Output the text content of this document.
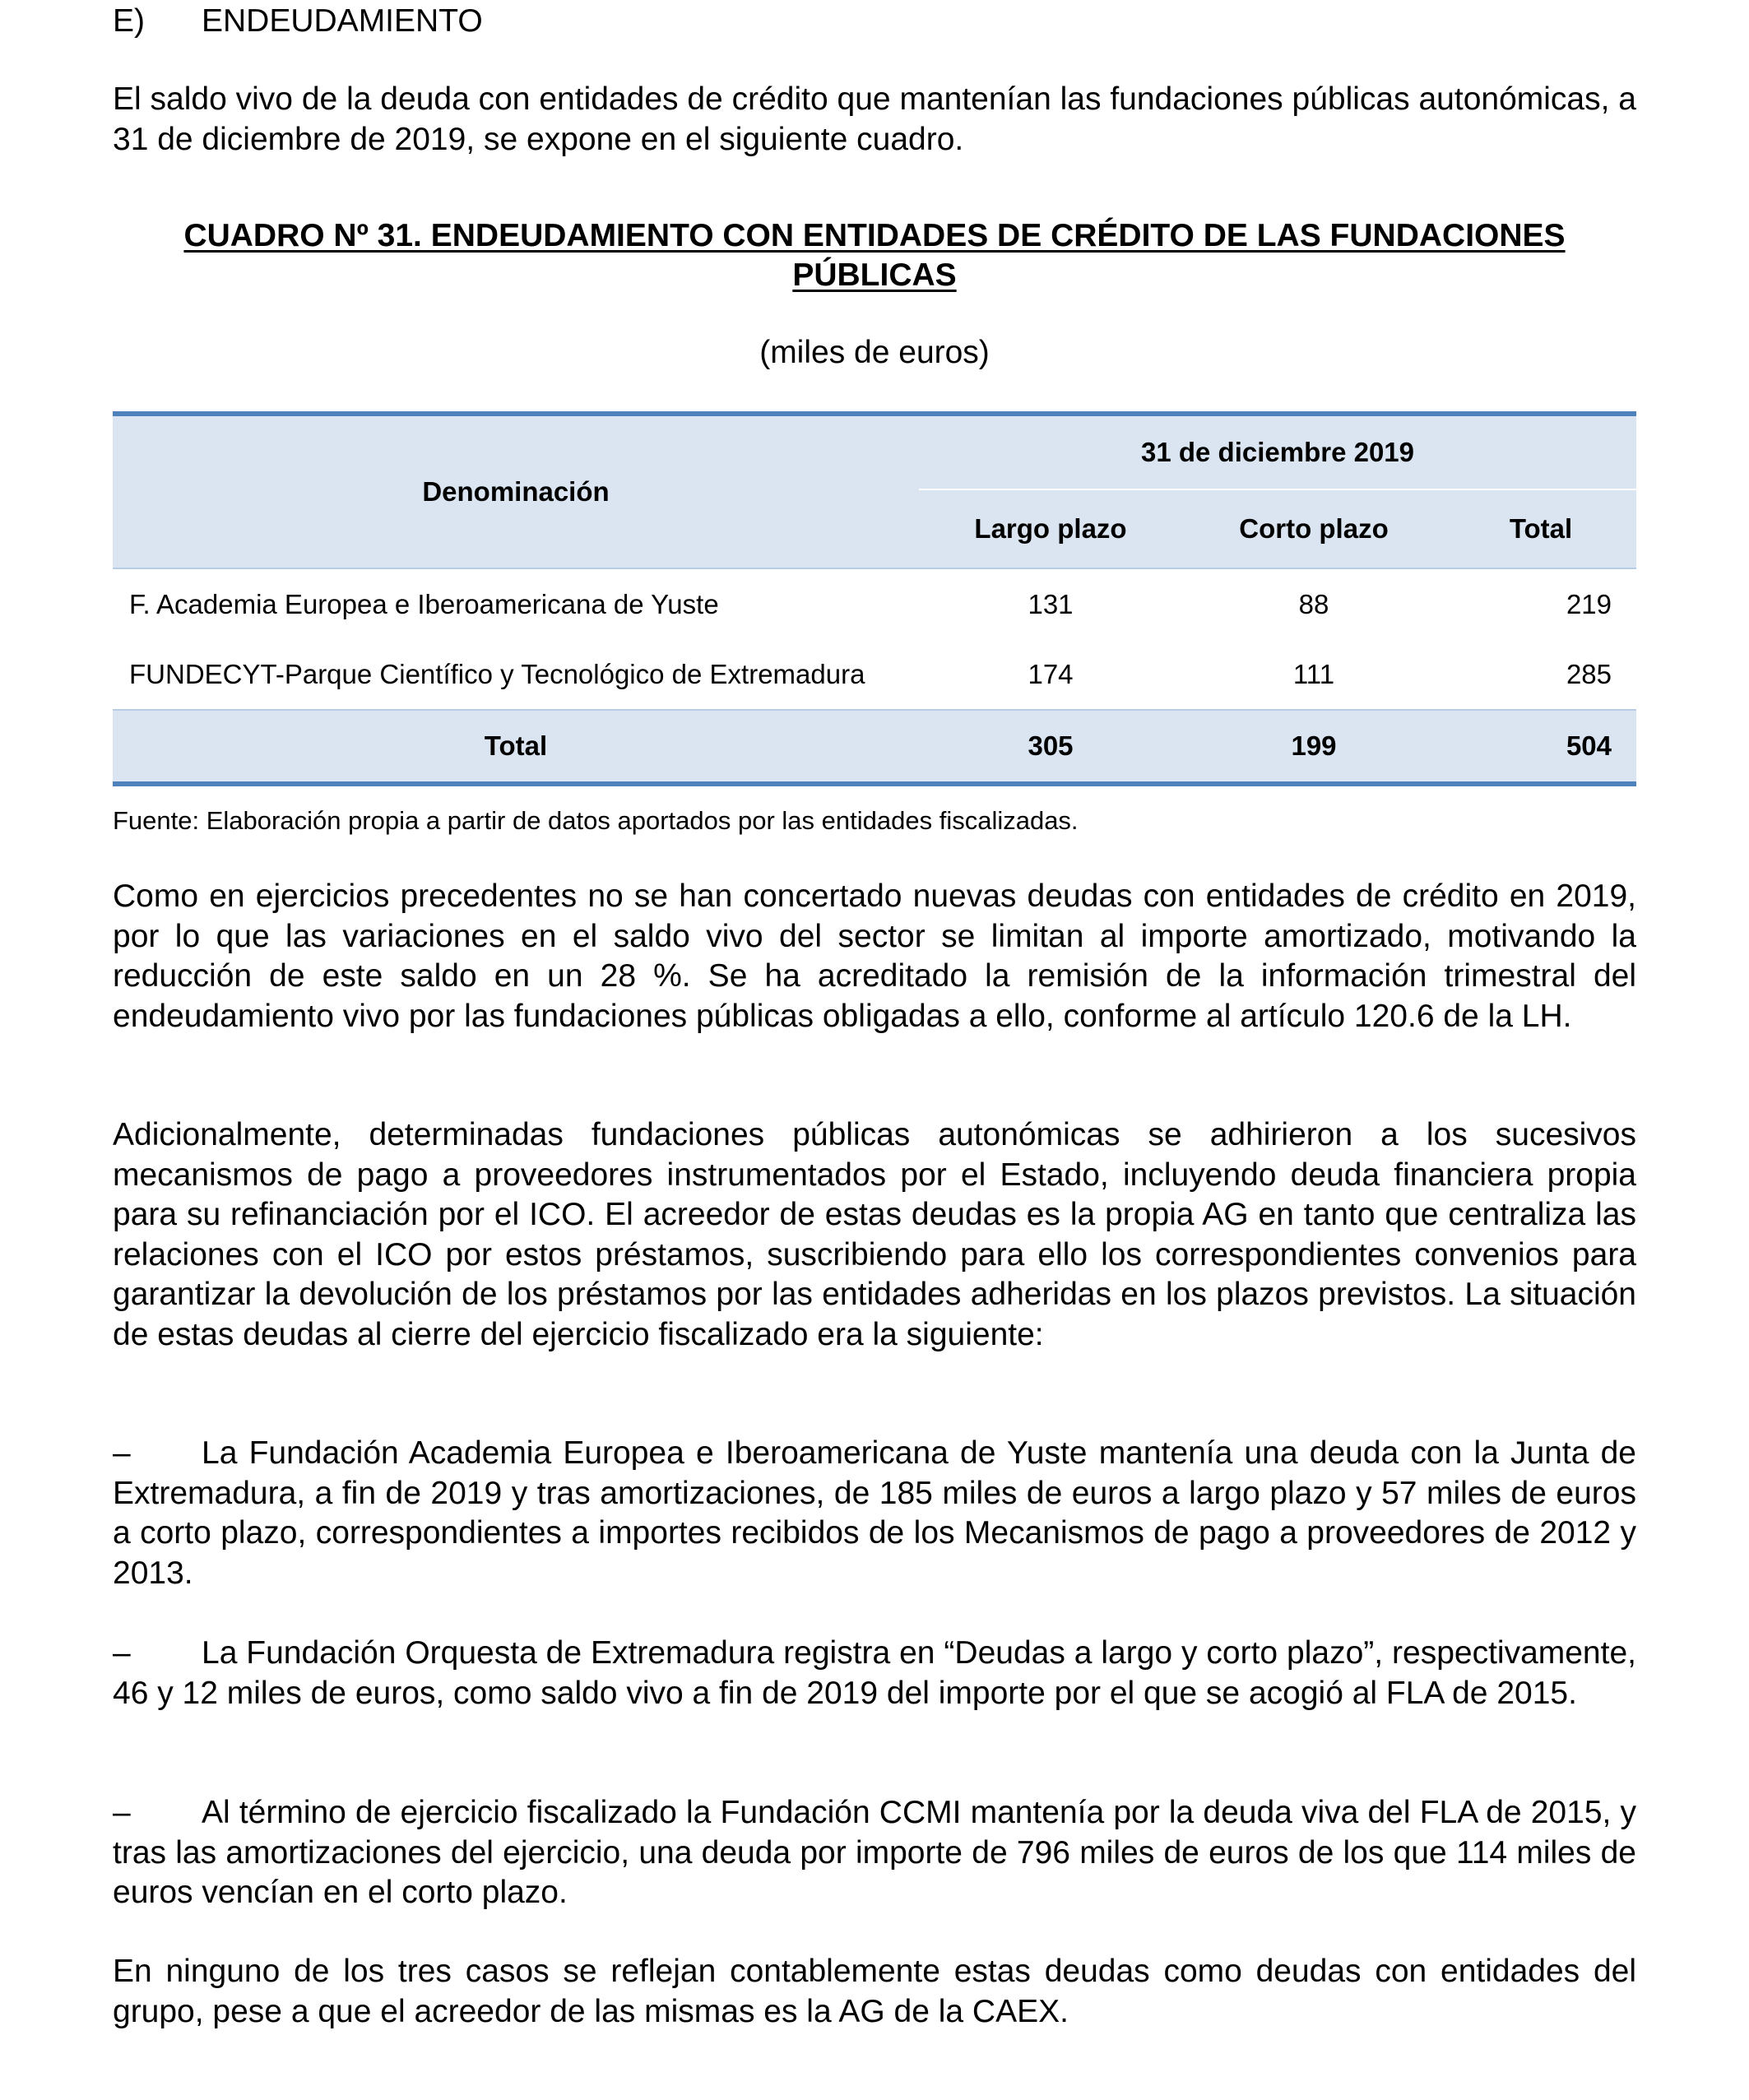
E) ENDEUDAMIENTO

El saldo vivo de la deuda con entidades de crédito que mantenían las fundaciones públicas autonómicas, a 31 de diciembre de 2019, se expone en el siguiente cuadro.

CUADRO Nº 31. ENDEUDAMIENTO CON ENTIDADES DE CRÉDITO DE LAS FUNDACIONES PÚBLICAS
(miles de euros)
Denominación	31 de diciembre 2019		
	Largo plazo	Corto plazo	Total
F. Academia Europea e Iberoamericana de Yuste	131	88	219
FUNDECYT-Parque Científico y Tecnológico de Extremadura	174	111	285
Total	305	199	504
Fuente: Elaboración propia a partir de datos aportados por las entidades fiscalizadas.

Como en ejercicios precedentes no se han concertado nuevas deudas con entidades de crédito en 2019, por lo que las variaciones en el saldo vivo del sector se limitan al importe amortizado, motivando la reducción de este saldo en un 28 %. Se ha acreditado la remisión de la información trimestral del endeudamiento vivo por las fundaciones públicas obligadas a ello, conforme al artículo 120.6 de la LH.

Adicionalmente, determinadas fundaciones públicas autonómicas se adhirieron a los sucesivos mecanismos de pago a proveedores instrumentados por el Estado, incluyendo deuda financiera propia para su refinanciación por el ICO. El acreedor de estas deudas es la propia AG en tanto que centraliza las relaciones con el ICO por estos préstamos, suscribiendo para ello los correspondientes convenios para garantizar la devolución de los préstamos por las entidades adheridas en los plazos previstos. La situación de estas deudas al cierre del ejercicio fiscalizado era la siguiente:

– La Fundación Academia Europea e Iberoamericana de Yuste mantenía una deuda con la Junta de Extremadura, a fin de 2019 y tras amortizaciones, de 185 miles de euros a largo plazo y 57 miles de euros a corto plazo, correspondientes a importes recibidos de los Mecanismos de pago a proveedores de 2012 y 2013.
– La Fundación Orquesta de Extremadura registra en “Deudas a largo y corto plazo”, respectivamente, 46 y 12 miles de euros, como saldo vivo a fin de 2019 del importe por el que se acogió al FLA de 2015.
– Al término de ejercicio fiscalizado la Fundación CCMI mantenía por la deuda viva del FLA de 2015, y tras las amortizaciones del ejercicio, una deuda por importe de 796 miles de euros de los que 114 miles de euros vencían en el corto plazo.

En ninguno de los tres casos se reflejan contablemente estas deudas como deudas con entidades del grupo, pese a que el acreedor de las mismas es la AG de la CAEX.
